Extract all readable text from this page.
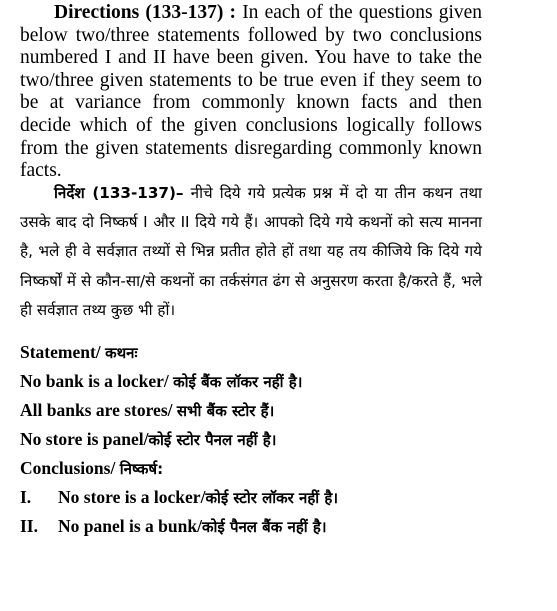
Directions (133-137) : In each of the questions given below two/three statements followed by two conclusions numbered I and II have been given. You have to take the two/three given statements to be true even if they seem to be at variance from commonly known facts and then decide which of the given conclusions logically follows from the given statements disregarding commonly known facts.
निर्देश (133-137)– नीचे दिये गये प्रत्येक प्रश्न में दो या तीन कथन तथा उसके बाद दो निष्कर्ष I और II दिये गये हैं। आपको दिये गये कथनों को सत्य मानना है, भले ही वे सर्वज्ञात तथ्यों से भिन्न प्रतीत होते हों तथा यह तय कीजिये कि दिये गये निष्कर्षों में से कौन-सा/से कथनों का तर्कसंगत ढंग से अनुसरण करता है/करते हैं, भले ही सर्वज्ञात तथ्य कुछ भी हों।
Statement/ कथनः
No bank is a locker/ कोई बैंक लॉकर नहीं है।
All banks are stores/ सभी बैंक स्टोर हैं।
No store is panel/कोई स्टोर पैनल नहीं है।
Conclusions/ निष्कर्ष:
I. No store is a locker/कोई स्टोर लॉकर नहीं है।
II. No panel is a bunk/कोई पैनल बैंक नहीं है।
